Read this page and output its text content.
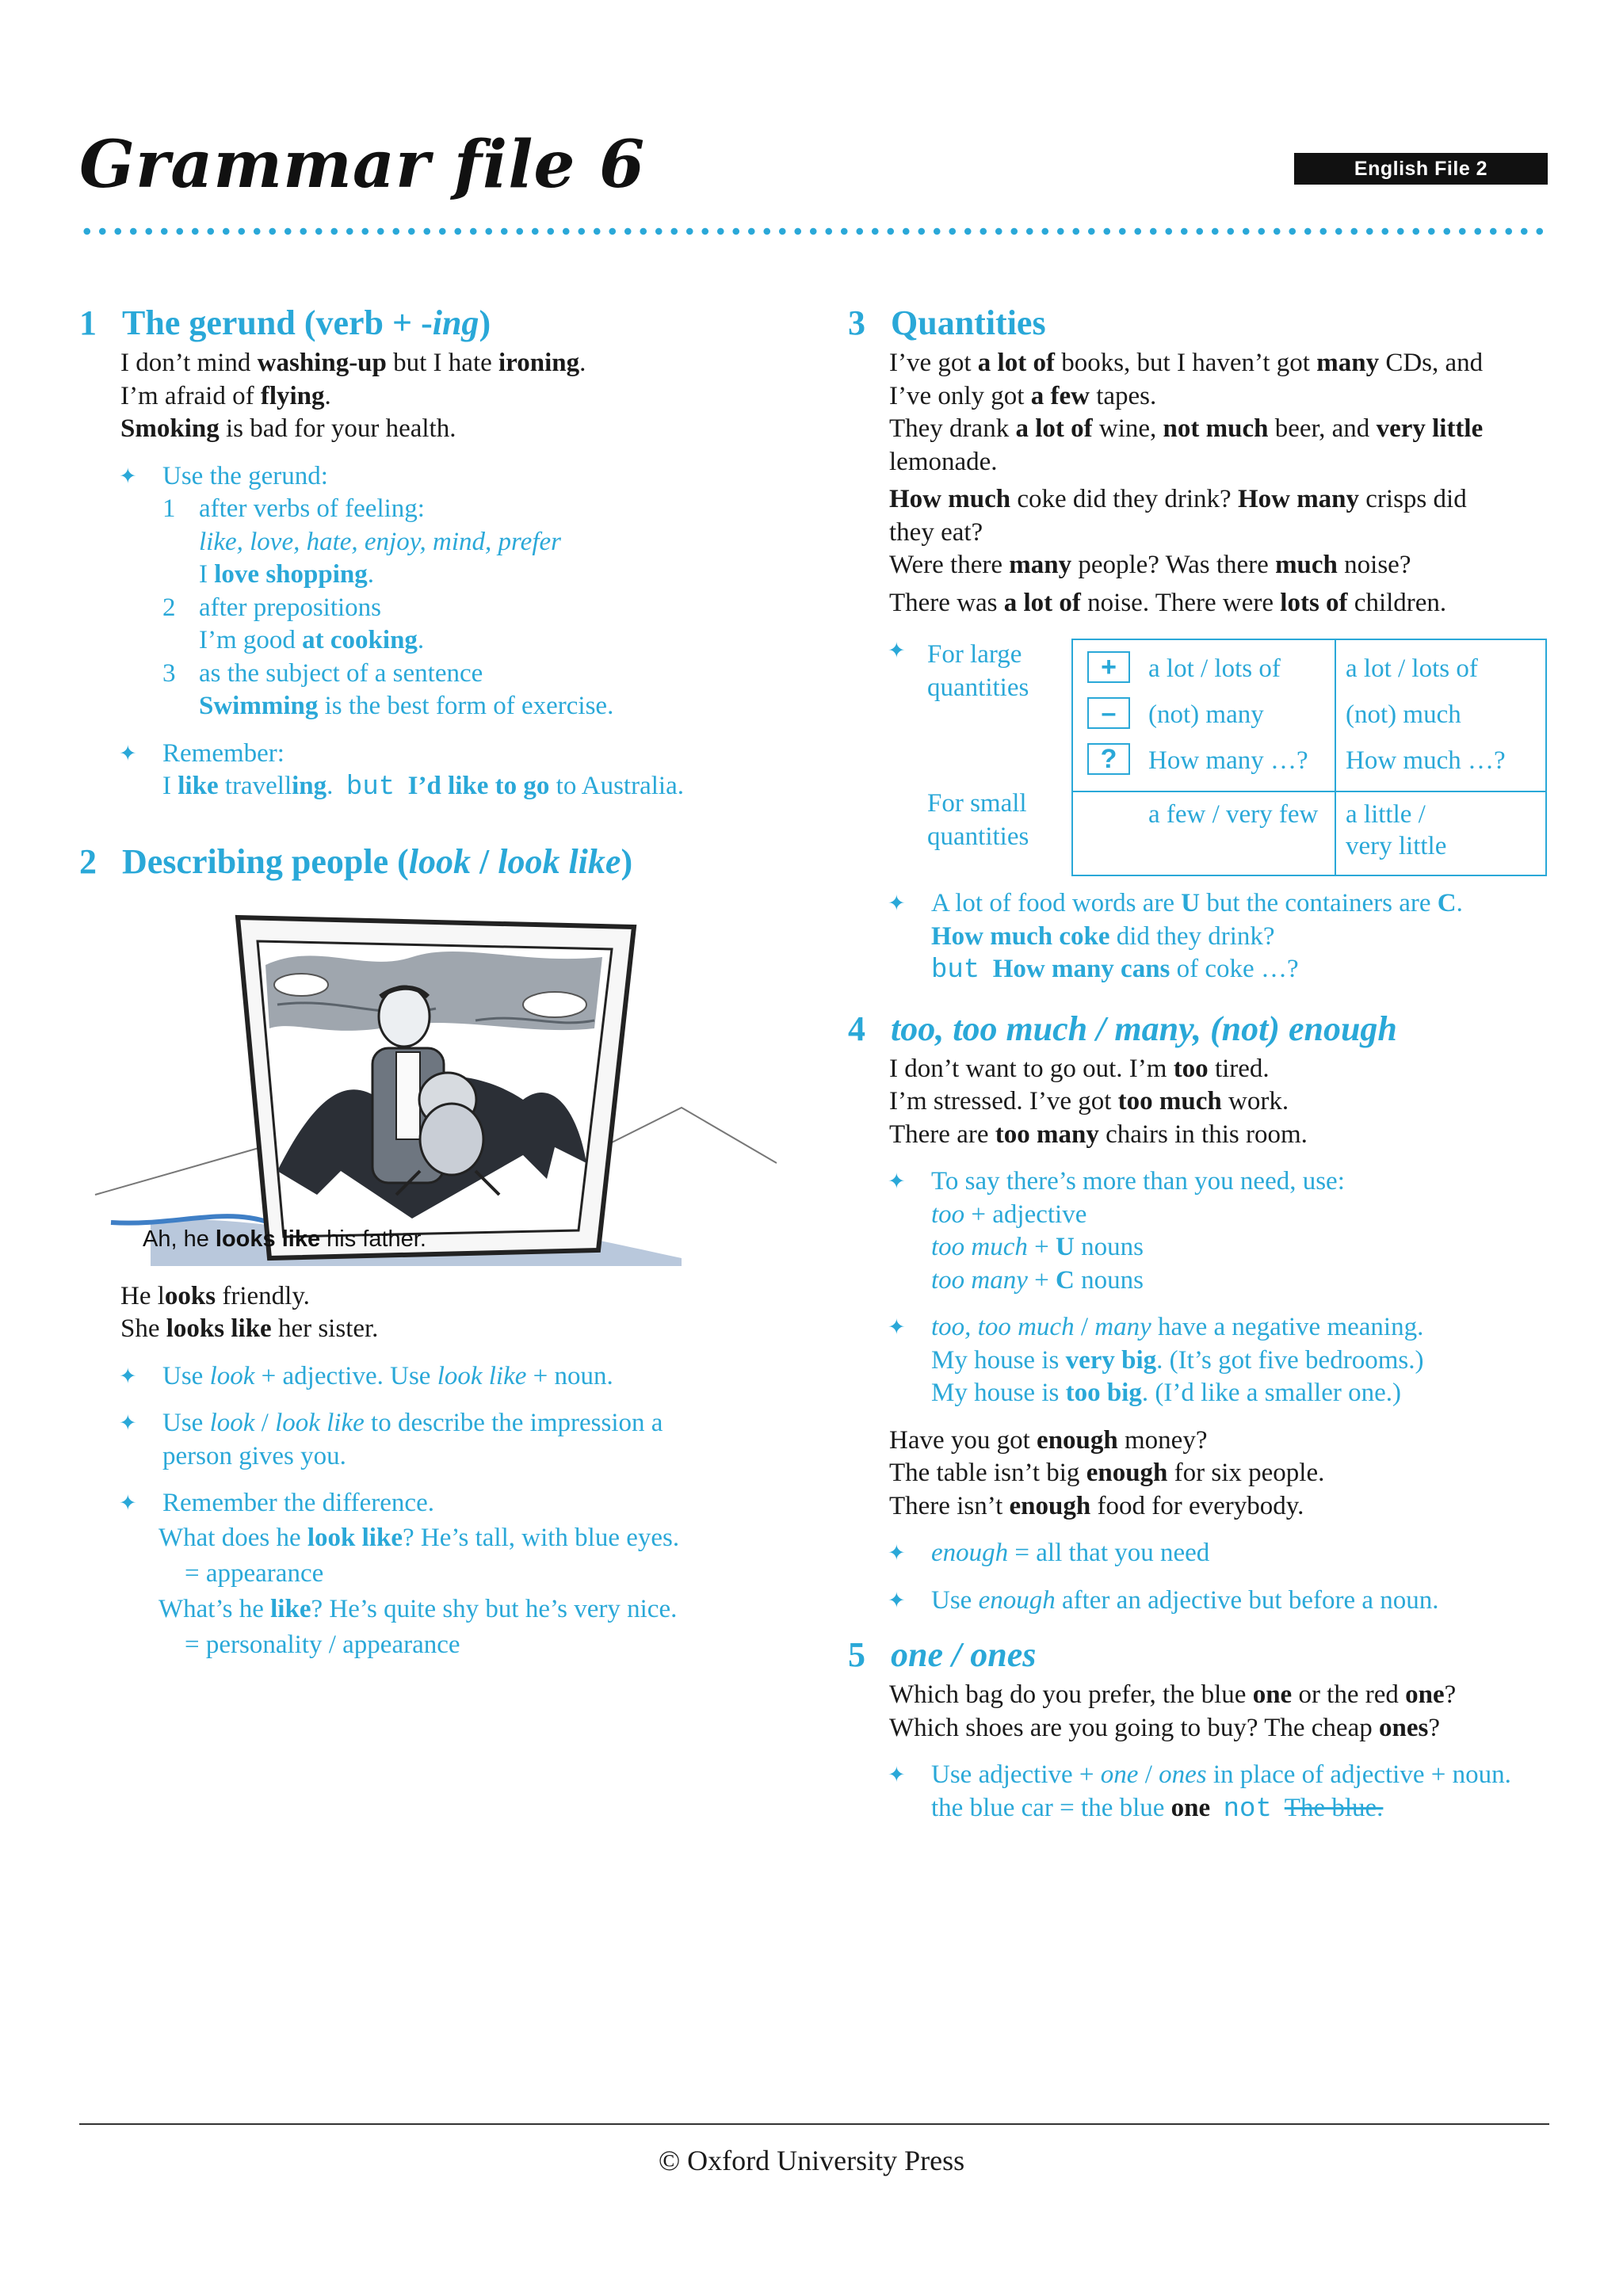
Grammar file 6	English File 2
1 The gerund (verb + -ing)
I don’t mind washing-up but I hate ironing.
I’m afraid of flying.
Smoking is bad for your health.
✦ Use the gerund:
1 after verbs of feeling:
like, love, hate, enjoy, mind, prefer
I love shopping.
2 after prepositions
I’m good at cooking.
3 as the subject of a sentence
Swimming is the best form of exercise.
✦ Remember:
I like travelling. but I’d like to go to Australia.
2 Describing people (look / look like)
Ah, he looks like his father.
He looks friendly.
She looks like her sister.
✦ Use look + adjective. Use look like + noun.
✦ Use look / look like to describe the impression a
person gives you.
✦ Remember the difference.
What does he look like? He’s tall, with blue eyes.
= appearance
What’s he like? He’s quite shy but he’s very nice.
= personality / appearance
3 Quantities
I’ve got a lot of books, but I haven’t got many CDs, and
I’ve only got a few tapes.
They drank a lot of wine, not much beer, and very little
lemonade.
How much coke did they drink? How many crisps did
they eat?
Were there many people? Was there much noise?
There was a lot of noise. There were lots of children.
✦ For large
quantities
For small
quantities
+
–
?
a lot / lots of
(not) many
How many …?
a few / very few
a lot / lots of
(not) much
How much …?
a little /
very little
✦ A lot of food words are U but the containers are C.
How much coke did they drink?
but How many cans of coke …?
4 too, too much / many, (not) enough
I don’t want to go out. I’m too tired.
I’m stressed. I’ve got too much work.
There are too many chairs in this room.
✦ To say there’s more than you need, use:
too + adjective
too much + U nouns
too many + C nouns
✦ too, too much / many have a negative meaning.
My house is very big. (It’s got five bedrooms.)
My house is too big. (I’d like a smaller one.)
Have you got enough money?
The table isn’t big enough for six people.
There isn’t enough food for everybody.
✦ enough = all that you need
✦ Use enough after an adjective but before a noun.
5 one / ones
Which bag do you prefer, the blue one or the red one?
Which shoes are you going to buy? The cheap ones?
✦ Use adjective + one / ones in place of adjective + noun.
the blue car = the blue one not The blue.
© Oxford University Press
